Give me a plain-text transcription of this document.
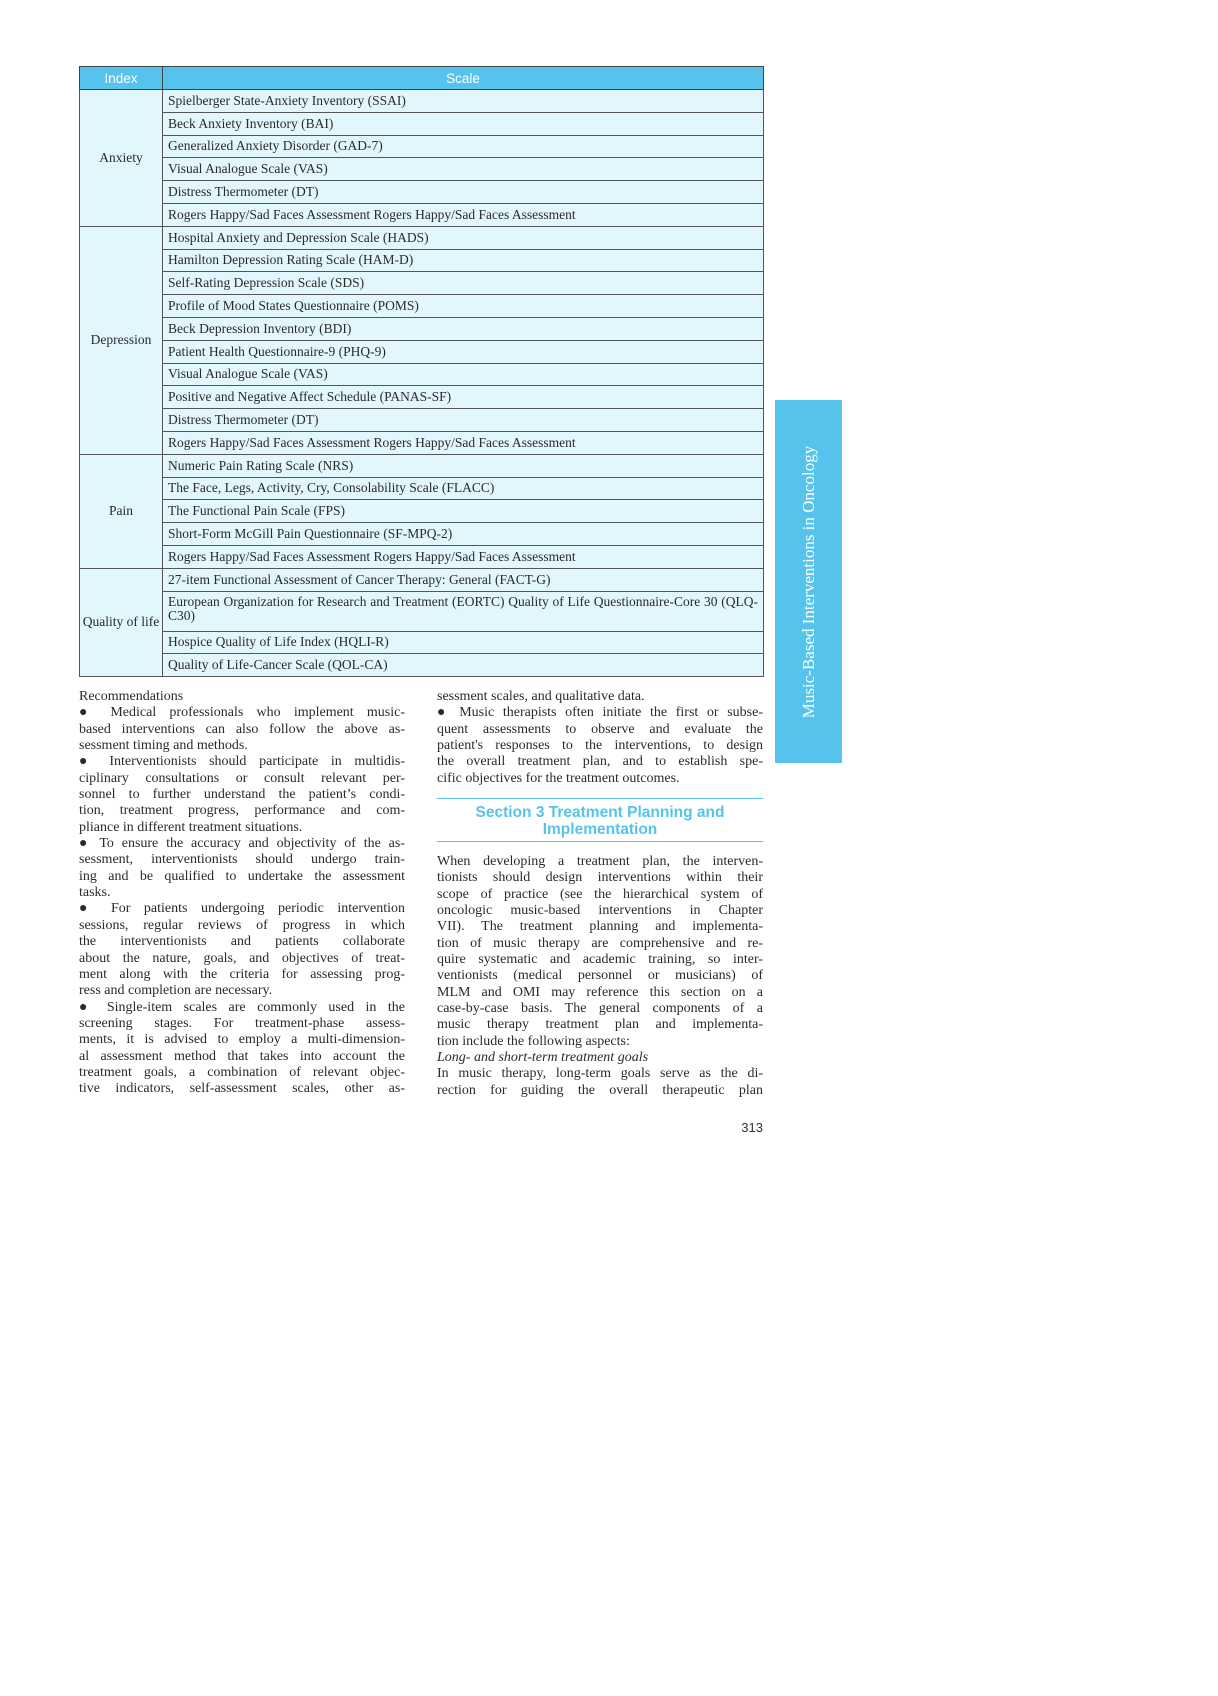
Index	Scale
Anxiety	Spielberger State-Anxiety Inventory (SSAI)
	Beck Anxiety Inventory (BAI)
	Generalized Anxiety Disorder (GAD-7)
	Visual Analogue Scale (VAS)
	Distress Thermometer (DT)
	Rogers Happy/Sad Faces Assessment Rogers Happy/Sad Faces Assessment
Depression	Hospital Anxiety and Depression Scale (HADS)
	Hamilton Depression Rating Scale (HAM-D)
	Self-Rating Depression Scale (SDS)
	Profile of Mood States Questionnaire (POMS)
	Beck Depression Inventory (BDI)
	Patient Health Questionnaire-9 (PHQ-9)
	Visual Analogue Scale (VAS)
	Positive and Negative Affect Schedule (PANAS-SF)
	Distress Thermometer (DT)
	Rogers Happy/Sad Faces Assessment Rogers Happy/Sad Faces Assessment
Pain	Numeric Pain Rating Scale (NRS)
	The Face, Legs, Activity, Cry, Consolability Scale (FLACC)
	The Functional Pain Scale (FPS)
	Short-Form McGill Pain Questionnaire (SF-MPQ-2)
	Rogers Happy/Sad Faces Assessment Rogers Happy/Sad Faces Assessment
Quality of life	27-item Functional Assessment of Cancer Therapy: General (FACT-G)
	European Organization for Research and Treatment (EORTC) Quality of Life Questionnaire-Core 30 (QLQ-C30)
	Hospice Quality of Life Index (HQLI-R)
	Quality of Life-Cancer Scale (QOL-CA)
Recommendations
● Medical professionals who implement music-
based interventions can also follow the above as-
sessment timing and methods.
● Interventionists should participate in multidis-
ciplinary consultations or consult relevant per-
sonnel to further understand the patient’s condi-
tion, treatment progress, performance and com-
pliance in different treatment situations.
● To ensure the accuracy and objectivity of the as-
sessment, interventionists should undergo train-
ing and be qualified to undertake the assessment
tasks.
● For patients undergoing periodic intervention
sessions, regular reviews of progress in which
the interventionists and patients collaborate
about the nature, goals, and objectives of treat-
ment along with the criteria for assessing prog-
ress and completion are necessary.
● Single-item scales are commonly used in the
screening stages. For treatment-phase assess-
ments, it is advised to employ a multi-dimension-
al assessment method that takes into account the
treatment goals, a combination of relevant objec-
tive indicators, self-assessment scales, other as-
sessment scales, and qualitative data.
● Music therapists often initiate the first or subse-
quent assessments to observe and evaluate the
patient's responses to the interventions, to design
the overall treatment plan, and to establish spe-
cific objectives for the treatment outcomes.
Section 3 Treatment Planning and
Implementation
When developing a treatment plan, the interven-
tionists should design interventions within their
scope of practice (see the hierarchical system of
oncologic music-based interventions in Chapter
VII). The treatment planning and implementa-
tion of music therapy are comprehensive and re-
quire systematic and academic training, so inter-
ventionists (medical personnel or musicians) of
MLM and OMI may reference this section on a
case-by-case basis. The general components of a
music therapy treatment plan and implementa-
tion include the following aspects:
Long- and short-term treatment goals
In music therapy, long-term goals serve as the di-
rection for guiding the overall therapeutic plan
Music-Based Interventions in Oncology
313
